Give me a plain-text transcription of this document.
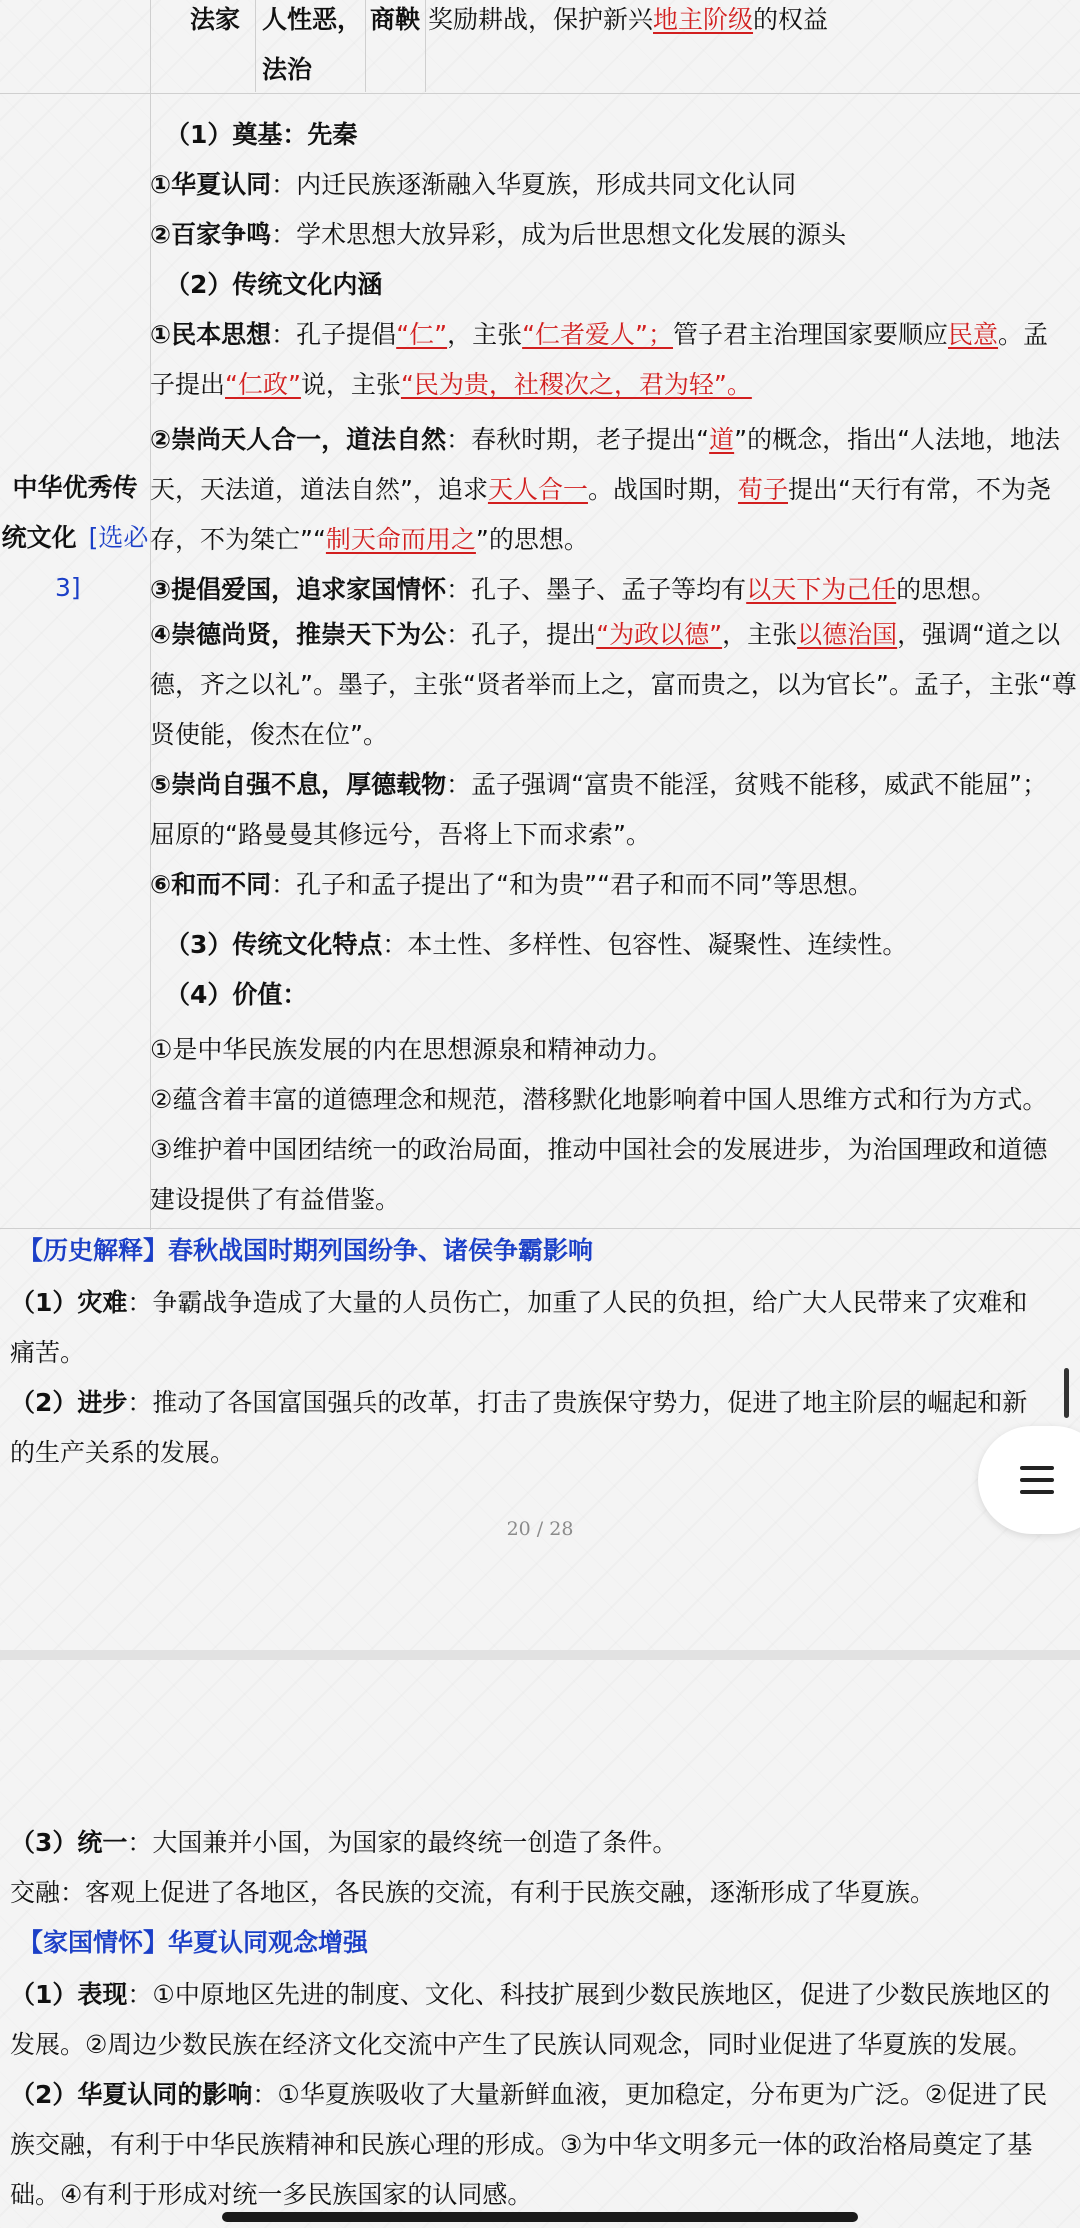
法家 人性恶，
法治
商鞅 奖励耕战，保护新兴地主阶级的权益
中华优秀传
统文化 [选必
3]
（1）奠基：先秦
①华夏认同：内迁民族逐渐融入华夏族，形成共同文化认同
②百家争鸣：学术思想大放异彩，成为后世思想文化发展的源头
（2）传统文化内涵
①民本思想：孔子提倡“仁”，主张“仁者爱人”；管子君主治理国家要顺应民意。孟
子提出“仁政”说，主张“民为贵，社稷次之，君为轻”。
②崇尚天人合一，道法自然：春秋时期，老子提出“道”的概念，指出“人法地，地法
天，天法道，道法自然”，追求天人合一。战国时期，荀子提出“天行有常，不为尧
存，不为桀亡”“制天命而用之”的思想。
③提倡爱国，追求家国情怀：孔子、墨子、孟子等均有以天下为己任的思想。
④崇德尚贤，推崇天下为公：孔子，提出“为政以德”，主张以德治国，强调“道之以
德，齐之以礼”。墨子，主张“贤者举而上之，富而贵之，以为官长”。孟子，主张“尊
贤使能，俊杰在位”。
⑤崇尚自强不息，厚德载物：孟子强调“富贵不能淫，贫贱不能移，威武不能屈”；
屈原的“路曼曼其修远兮，吾将上下而求索”。
⑥和而不同：孔子和孟子提出了“和为贵”“君子和而不同”等思想。
（3）传统文化特点：本土性、多样性、包容性、凝聚性、连续性。
（4）价值：
①是中华民族发展的内在思想源泉和精神动力。
②蕴含着丰富的道德理念和规范，潜移默化地影响着中国人思维方式和行为方式。
③维护着中国团结统一的政治局面，推动中国社会的发展进步，为治国理政和道德
建设提供了有益借鉴。
【历史解释】春秋战国时期列国纷争、诸侯争霸影响
（1）灾难：争霸战争造成了大量的人员伤亡，加重了人民的负担，给广大人民带来了灾难和
痛苦。
（2）进步：推动了各国富国强兵的改革，打击了贵族保守势力，促进了地主阶层的崛起和新
的生产关系的发展。
20 / 28
（3）统一：大国兼并小国，为国家的最终统一创造了条件。
交融：客观上促进了各地区，各民族的交流，有利于民族交融，逐渐形成了华夏族。
【家国情怀】华夏认同观念增强
（1）表现：①中原地区先进的制度、文化、科技扩展到少数民族地区，促进了少数民族地区的
发展。②周边少数民族在经济文化交流中产生了民族认同观念，同时业促进了华夏族的发展。
（2）华夏认同的影响：①华夏族吸收了大量新鲜血液，更加稳定，分布更为广泛。②促进了民
族交融，有利于中华民族精神和民族心理的形成。③为中华文明多元一体的政治格局奠定了基
础。④有利于形成对统一多民族国家的认同感。
